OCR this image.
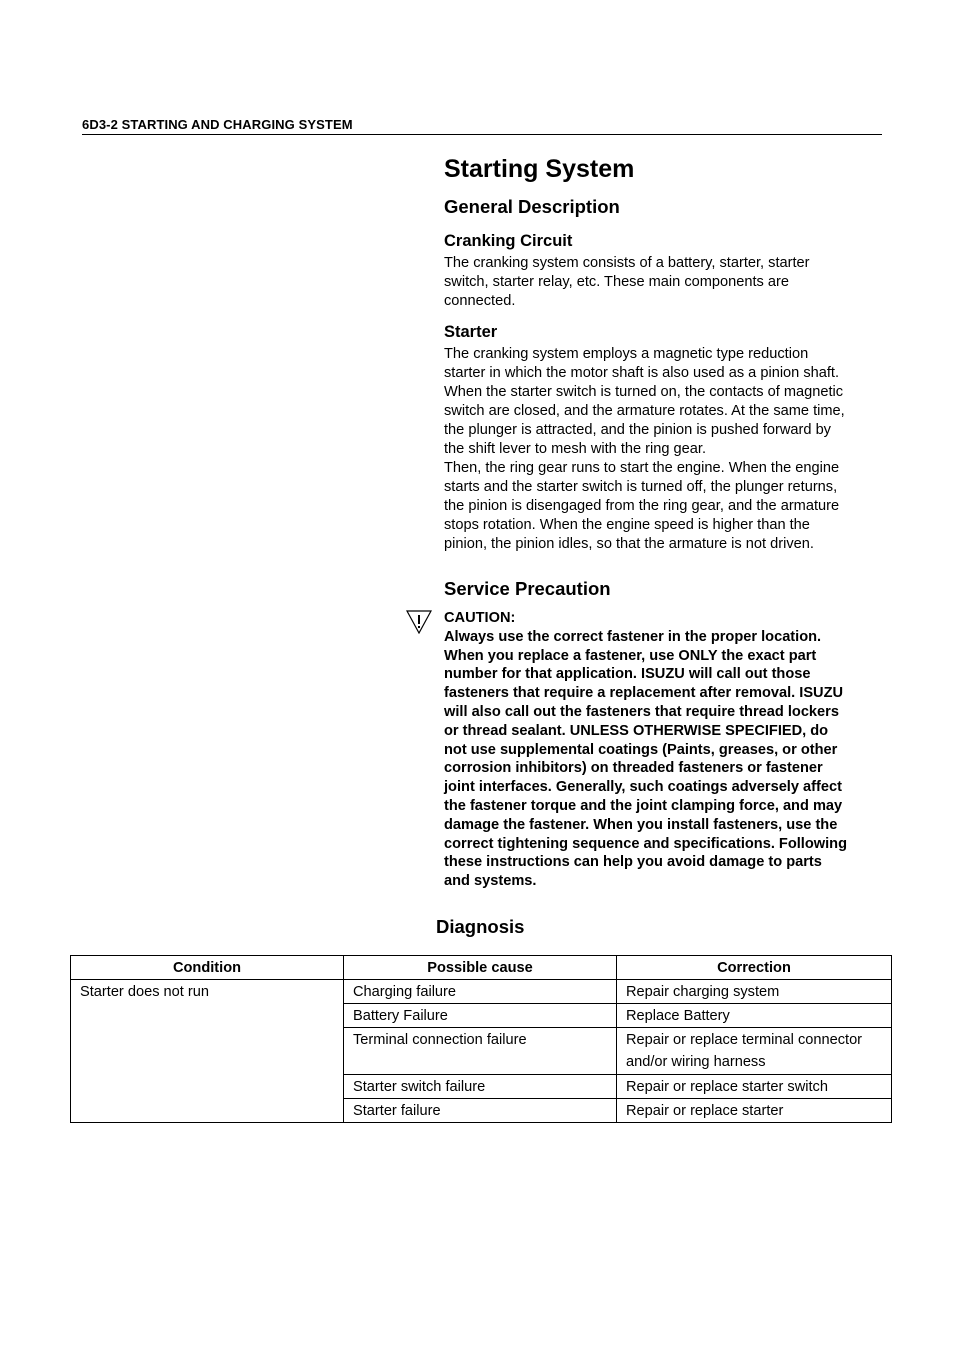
6D3-2 STARTING AND CHARGING SYSTEM
Starting System
General Description
Cranking Circuit
The cranking system consists of a battery, starter, starter
switch, starter relay, etc. These main components are
connected.
Starter
The cranking system employs a magnetic type reduction
starter in which the motor shaft is also used as a pinion shaft.
When the starter switch is turned on, the contacts of magnetic
switch are closed, and the armature rotates. At the same time,
the plunger is attracted, and the pinion is pushed forward by
the shift lever to mesh with the ring gear.
Then, the ring gear runs to start the engine. When the engine
starts and the starter switch is turned off, the plunger returns,
the pinion is disengaged from the ring gear, and the armature
stops rotation. When the engine speed is higher than the
pinion, the pinion idles, so that the armature is not driven.
Service Precaution
CAUTION:
Always use the correct fastener in the proper location.
When you replace a fastener, use ONLY the exact part
number for that application. ISUZU will call out those
fasteners that require a replacement after removal. ISUZU
will also call out the fasteners that require thread lockers
or thread sealant. UNLESS OTHERWISE SPECIFIED, do
not use supplemental coatings (Paints, greases, or other
corrosion inhibitors) on threaded fasteners or fastener
joint interfaces. Generally, such coatings adversely affect
the fastener torque and the joint clamping force, and may
damage the fastener. When you install fasteners, use the
correct tightening sequence and specifications. Following
these instructions can help you avoid damage to parts
and systems.
Diagnosis
Condition	Possible cause	Correction
Starter does not run	Charging failure	Repair charging system
	Battery Failure	Replace Battery
	Terminal connection failure	Repair or replace terminal connector
and/or wiring harness

	Starter switch failure	Repair or replace starter switch
	Starter failure	Repair or replace starter
